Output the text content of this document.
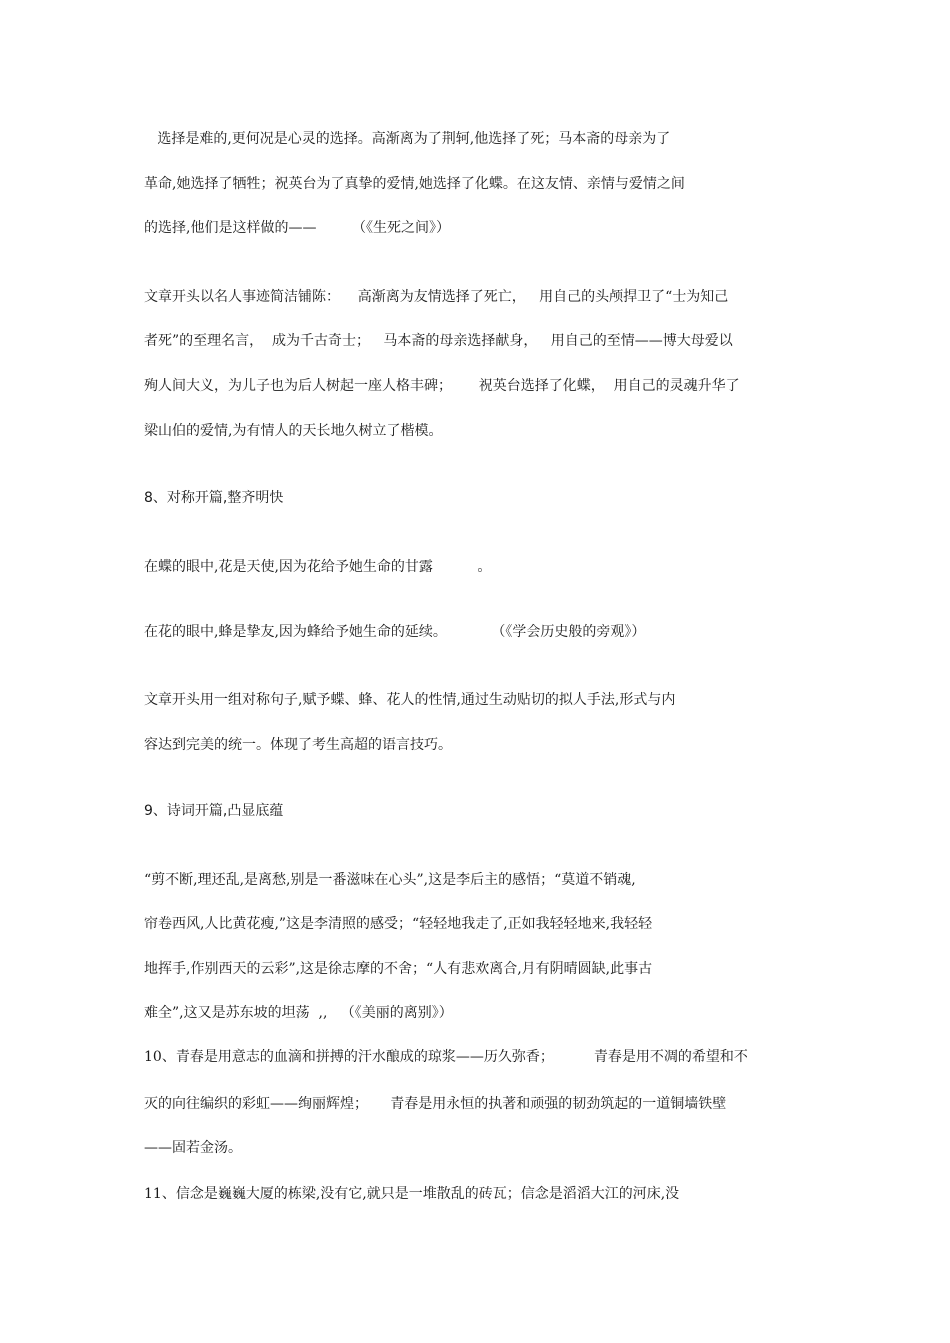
选择是难的,更何况是心灵的选择。高渐离为了荆轲,他选择了死；马本斋的母亲为了
革命,她选择了牺牲；祝英台为了真挚的爱情,她选择了化蝶。在这友情、亲情与爱情之间
的选择,他们是这样做的——        （《生死之间》）
文章开头以名人事迹简洁铺陈：    高渐离为友情选择了死亡，   用自己的头颅捍卫了“士为知己
者死”的至理名言，  成为千古奇士；   马本斋的母亲选择献身，   用自己的至情——博大母爱以
殉人间大义，为儿子也为后人树起一座人格丰碑；      祝英台选择了化蝶，  用自己的灵魂升华了
梁山伯的爱情,为有情人的天长地久树立了楷模。
8、对称开篇,整齐明快
在蝶的眼中,花是天使,因为花给予她生命的甘露          。
在花的眼中,蜂是挚友,因为蜂给予她生命的延续。          （《学会历史般的旁观》）
文章开头用一组对称句子,赋予蝶、蜂、花人的性情,通过生动贴切的拟人手法,形式与内
容达到完美的统一。体现了考生高超的语言技巧。
9、诗词开篇,凸显底蕴
“剪不断,理还乱,是离愁,别是一番滋味在心头”,这是李后主的感悟；“莫道不销魂,
帘卷西风,人比黄花瘦,”这是李清照的感受；“轻轻地我走了,正如我轻轻地来,我轻轻
地挥手,作别西天的云彩”,这是徐志摩的不舍；“人有悲欢离合,月有阴晴圆缺,此事古
难全”,这又是苏东坡的坦荡  ,,   （《美丽的离别》）
10、青春是用意志的血滴和拼搏的汗水酿成的琼浆——历久弥香；         青春是用不凋的希望和不
灭的向往编织的彩虹——绚丽辉煌；     青春是用永恒的执著和顽强的韧劲筑起的一道铜墙铁壁
——固若金汤。
11、信念是巍巍大厦的栋梁,没有它,就只是一堆散乱的砖瓦；信念是滔滔大江的河床,没
